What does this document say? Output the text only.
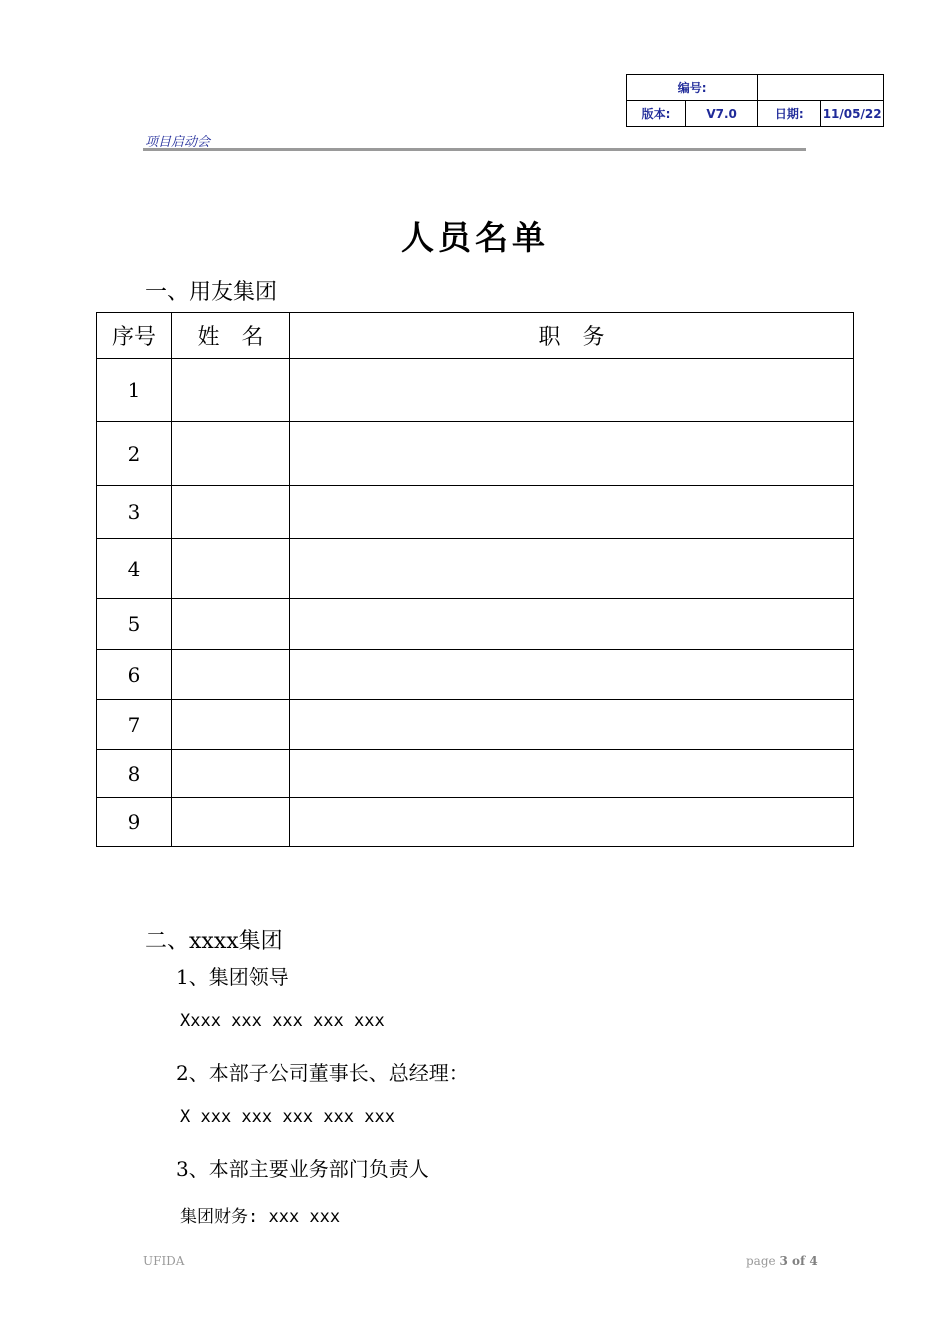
编号:			
版本:	V7.0	日期:	11/05/22
项目启动会
人员名单
一、用友集团
序号	姓　名	职　务
1		
2		
3		
4		
5		
6		
7		
8		
9		
二、xxxx集团
1、集团领导
Xxxx xxx xxx xxx xxx
2、本部子公司董事长、总经理：
X xxx xxx xxx xxx xxx
3、本部主要业务部门负责人
集团财务: xxx xxx
UFIDA	page 3 of 4
